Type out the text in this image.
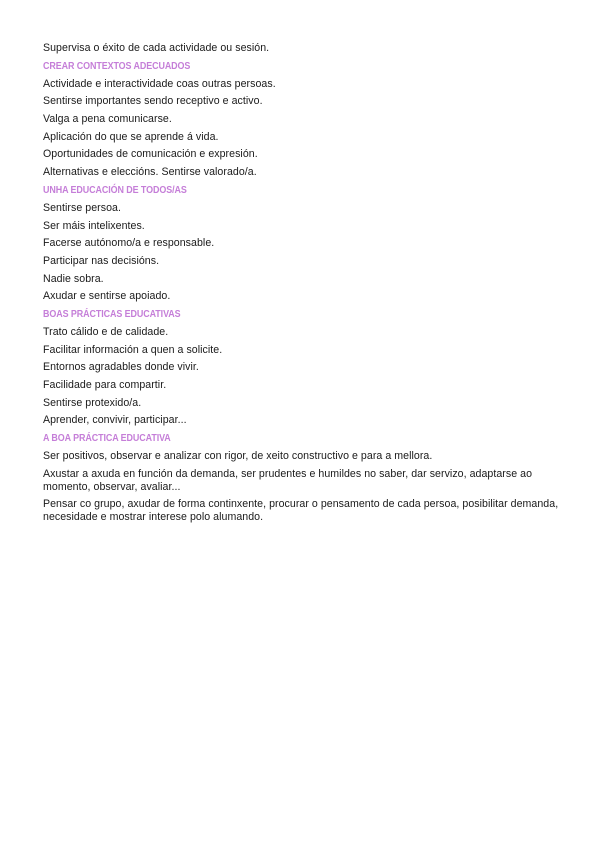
Supervisa o éxito de cada actividade ou sesión.

CREAR CONTEXTOS ADECUADOS

Actividade e interactividade coas outras persoas.

Sentirse importantes sendo receptivo e activo.

Valga a pena comunicarse.

Aplicación do que se aprende á vida.

Oportunidades de comunicación e expresión.

Alternativas e eleccións. Sentirse valorado/a.

UNHA EDUCACIÓN DE TODOS/AS

Sentirse persoa.

Ser máis intelixentes.

Facerse autónomo/a e responsable.

Participar nas decisións.

Nadie sobra.

Axudar e sentirse apoiado.

BOAS PRÁCTICAS EDUCATIVAS

Trato cálido e de calidade.

Facilitar información a quen a solicite.

Entornos agradables donde vivir.

Facilidade para compartir.

Sentirse protexido/a.

Aprender, convivir, participar...

A BOA PRÁCTICA EDUCATIVA

Ser positivos, observar e analizar con rigor, de xeito constructivo e para a mellora.

Axustar a axuda en función da demanda, ser prudentes e humildes no saber, dar servizo, adaptarse ao momento, observar, avaliar...

Pensar co grupo, axudar de forma continxente, procurar o pensamento de cada persoa, posibilitar demanda, necesidade e mostrar interese polo alumando.
